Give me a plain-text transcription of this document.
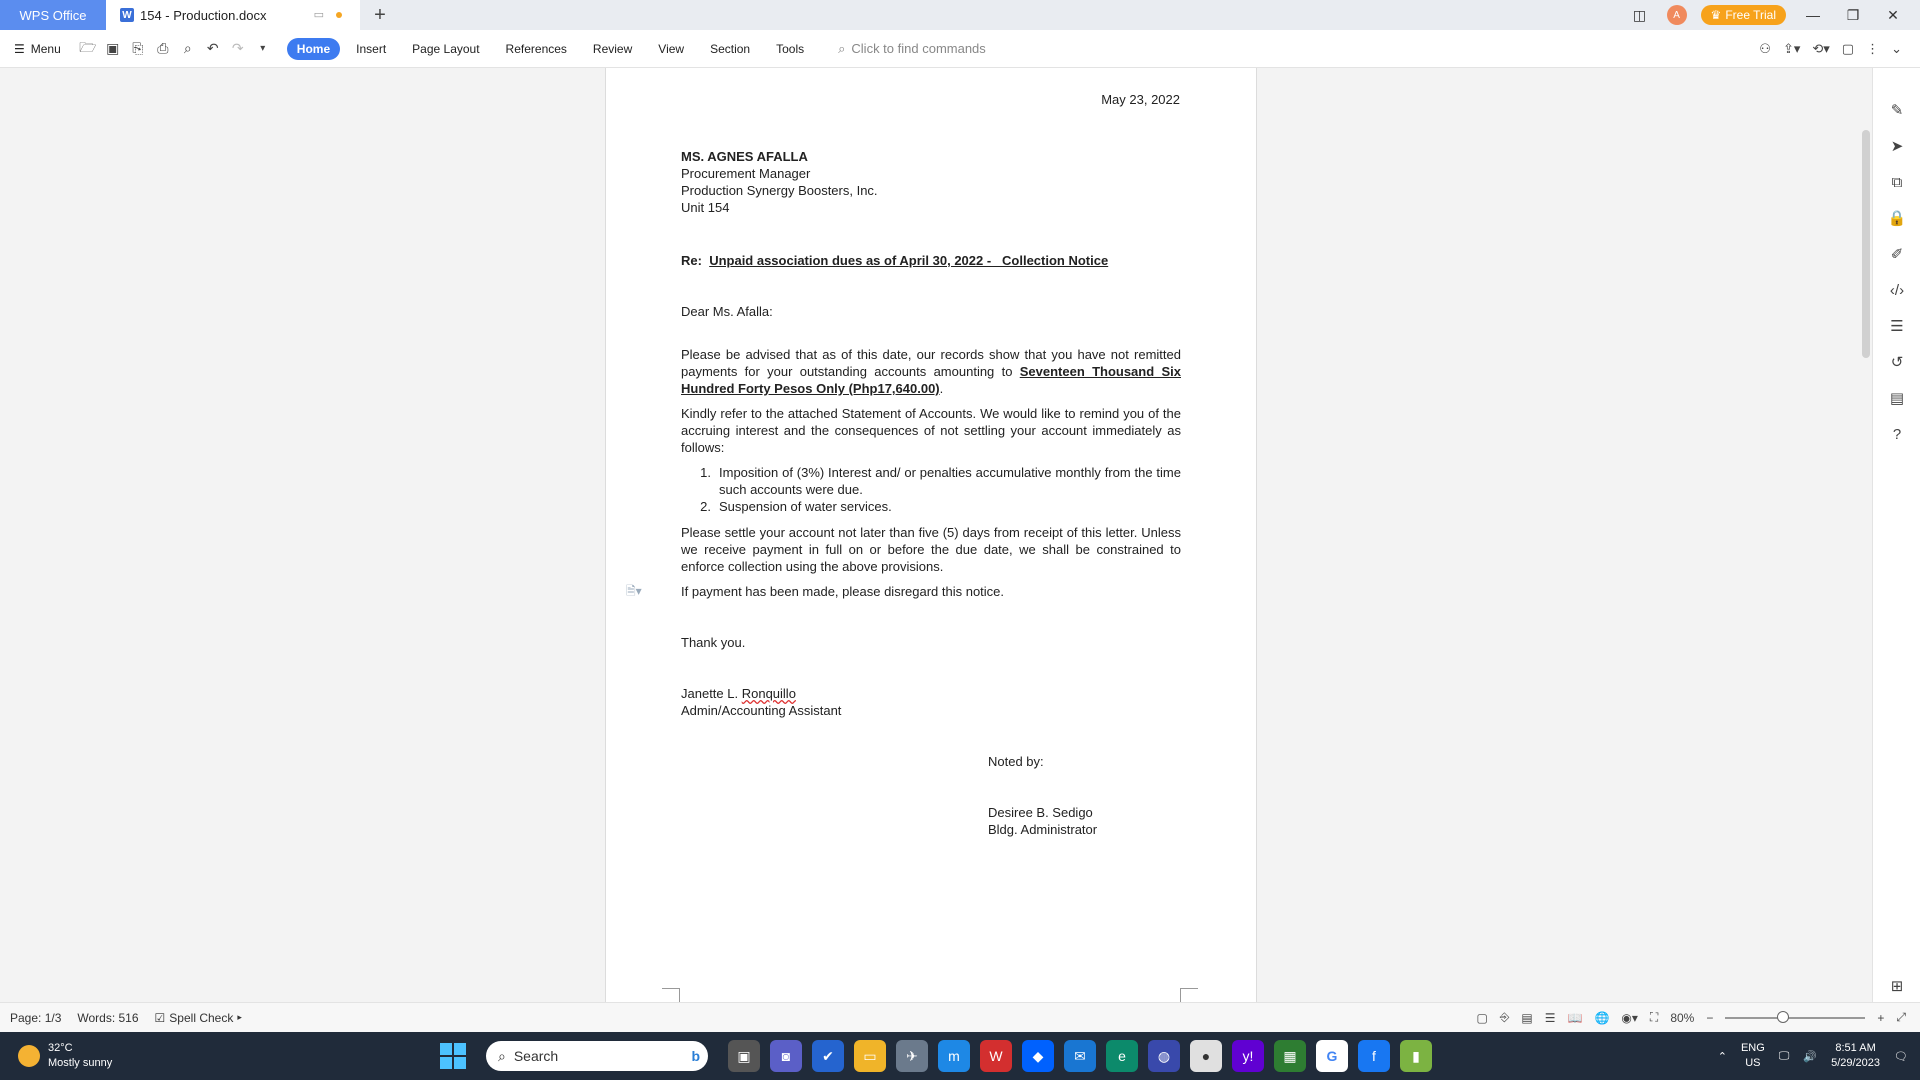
WPS Office	W 154 - Production.docx	▭	+	◫	A	♛ Free Trial	—	❐	✕
☰ Menu 🗁 ▣ ⎘ ⎙	⌕	↶ ↷	▾	Home	Insert	Page Layout	References	Review	View	Section	Tools	⌕ Click to find commands	⚇ ⇪▾ ⟲▾ ▢ ⋮ ⌄
May 23, 2022
MS. AGNES AFALLA
Procurement Manager
Production Synergy Boosters, Inc.
Unit 154
Re: Unpaid association dues as of April 30, 2022 -   Collection Notice
Dear Ms. Afalla:
Please be advised that as of this date, our records show that you have not remitted payments for your outstanding accounts amounting to Seventeen Thousand Six Hundred Forty Pesos Only (Php17,640.00).
Kindly refer to the attached Statement of Accounts. We would like to remind you of the accruing interest and the consequences of not settling your account immediately as follows:
1. Imposition of (3%) Interest and/ or penalties accumulative monthly from the time such accounts were due.
2. Suspension of water services.
Please settle your account not later than five (5) days from receipt of this letter. Unless we receive payment in full on or before the due date, we shall be constrained to enforce collection using the above provisions.
🗎▾	If payment has been made, please disregard this notice.
Thank you.
Janette L. Ronquillo
Admin/Accounting Assistant
Noted by:
Desiree B. Sedigo
Bldg. Administrator
✎
➤
⧉
🔒
✐
‹/›
☰
↺
▤
?
⊞
Page: 1/3 Words: 516 ☑ Spell Check ▸	▢ ⎆ ▤ ☰ 📖 🌐 ◉▾ ⛶ 80% −	+ ⤢
32°C
Mostly sunny	⌕ Search	b	▣	◙	✔	▭	✈	m	W	◆	✉	e	◍	●	y!	▦	G	f	▮	⌃
ENG
US
🖵 🔊
8:51 AM
5/29/2023
🗨
